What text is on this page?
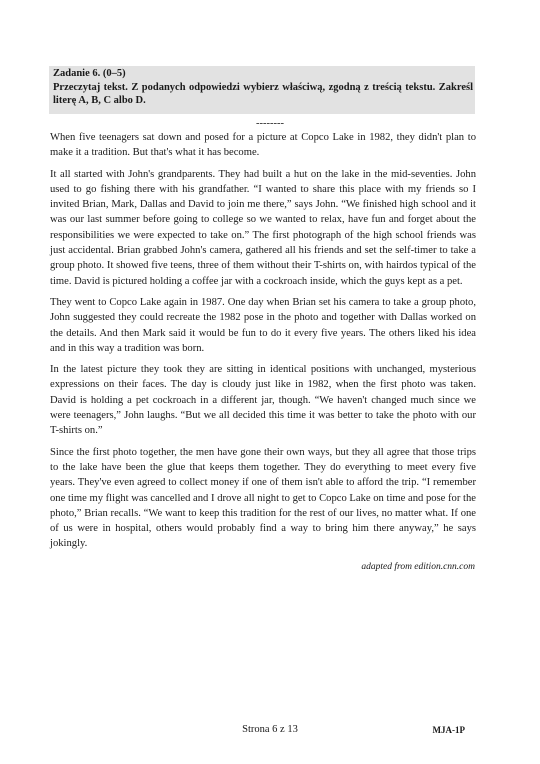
Zadanie 6. (0–5)
Przeczytaj tekst. Z podanych odpowiedzi wybierz właściwą, zgodną z treścią tekstu. Zakreśl literę A, B, C albo D.
--------

When five teenagers sat down and posed for a picture at Copco Lake in 1982, they didn't plan to make it a tradition. But that's what it has become.

It all started with John's grandparents. They had built a hut on the lake in the mid-seventies. John used to go fishing there with his grandfather. “I wanted to share this place with my friends so I invited Brian, Mark, Dallas and David to join me there,” says John. “We finished high school and it was our last summer before going to college so we wanted to relax, have fun and forget about the responsibilities we were expected to take on.” The first photograph of the high school friends was just accidental. Brian grabbed John's camera, gathered all his friends and set the self-timer to take a group photo. It showed five teens, three of them without their T-shirts on, with hairdos typical of the time. David is pictured holding a coffee jar with a cockroach inside, which the guys kept as a pet.

They went to Copco Lake again in 1987. One day when Brian set his camera to take a group photo, John suggested they could recreate the 1982 pose in the photo and together with Dallas worked on the details. And then Mark said it would be fun to do it every five years. The others liked his idea and in this way a tradition was born.

In the latest picture they took they are sitting in identical positions with unchanged, mysterious expressions on their faces. The day is cloudy just like in 1982, when the first photo was taken. David is holding a pet cockroach in a different jar, though. “We haven't changed much since we were teenagers,” John laughs. “But we all decided this time it was better to take the photo with our T-shirts on.”

Since the first photo together, the men have gone their own ways, but they all agree that those trips to the lake have been the glue that keeps them together. They do everything to meet every five years. They've even agreed to collect money if one of them isn't able to afford the trip. “I remember one time my flight was cancelled and I drove all night to get to Copco Lake on time and pose for the photo,” Brian recalls. “We want to keep this tradition for the rest of our lives, no matter what. If one of us were in hospital, others would probably find a way to bring him there anyway,” he says jokingly.

adapted from edition.cnn.com
Strona 6 z 13	MJA-1P
